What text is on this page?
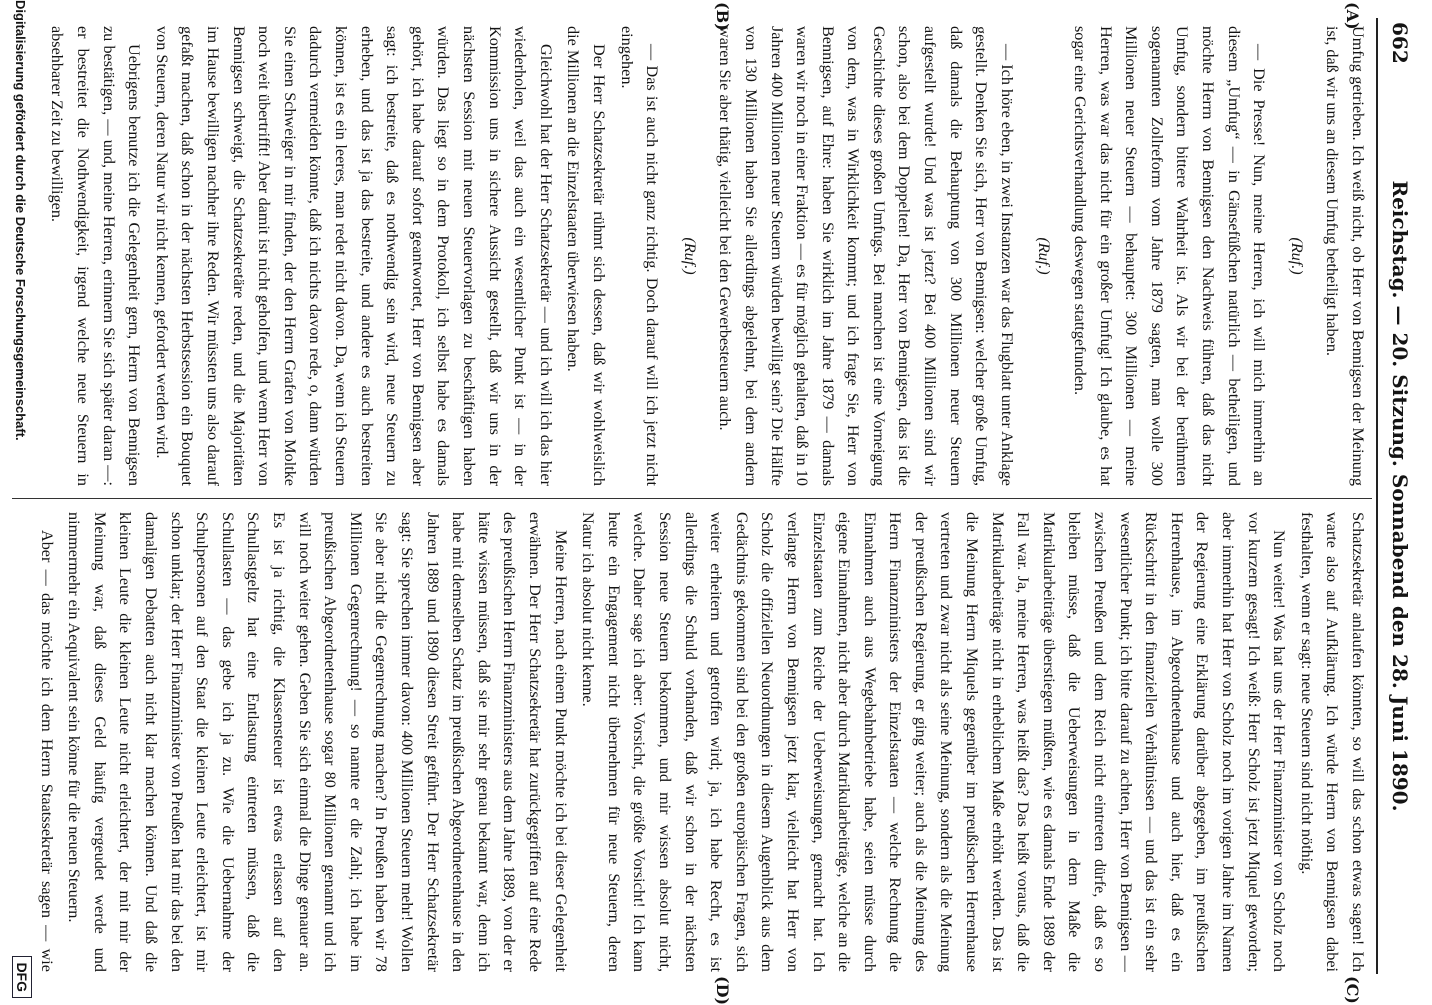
662
Reichstag. — 20. Sitzung. Sonnabend den 28. Juni 1890.
(A)
(B)
(C)
(D)

Umfug getrieben. Ich weiß nicht, ob Herr von Bennigsen der Meinung ist, daß wir uns an diesem Umfug betheiligt haben.

(Ruf.)

— Die Presse! Nun, meine Herren, ich will mich immerhin an diesem „Umfug“ — in Gänsefüßchen natürlich — betheiligen, und möchte Herrn von Bennigsen den Nachweis führen, daß das nicht Umfug, sondern bittere Wahrheit ist. Als wir bei der berühmten sogenannten Zollreform vom Jahre 1879 sagten, man wolle 300 Millionen neuer Steuern — behauptet: 300 Millionen — meine Herren, was war das nicht für ein großer Umfug! Ich glaube, es hat sogar eine Gerichtsverhandlung deswegen stattgefunden.

(Ruf.)

— Ich höre eben, in zwei Instanzen war das Flugblatt unter Anklage gestellt. Denken Sie sich, Herr von Bennigsen: welcher große Umfug, daß damals die Behauptung von 300 Millionen neuer Steuern aufgestellt wurde! Und was ist jetzt? Bei 400 Millionen sind wir schon, also bei dem Doppelten! Da, Herr von Bennigsen, das ist die Geschichte dieses großen Umfugs. Bei manchen ist eine Vorneigung von dem, was in Wirklichkeit kommt; und ich frage Sie, Herr von Bennigsen, auf Ehre: haben Sie wirklich im Jahre 1879 — damals waren wir noch in einer Fraktion — es für möglich gehalten, daß in 10 Jahren 400 Millionen neuer Steuern würden bewilligt sein? Die Hälfte von 130 Millionen haben Sie allerdings abgelehnt, bei dem andern waren Sie aber thätig, vielleicht bei den Gewerbesteuern auch.

(Ruf.)

— Das ist auch nicht ganz richtig. Doch darauf will ich jetzt nicht eingehen.

Der Herr Schatzsekretär rühmt sich dessen, daß wir wohlweislich die Millionen an die Einzelstaaten überwiesen haben.

Gleichwohl hat der Herr Schatzsekretär — und ich will ich das hier wiederholen, weil das auch ein wesentlicher Punkt ist — in der Kommission uns in sichere Aussicht gestellt, daß wir uns in der nächsten Session mit neuen Steuervorlagen zu beschäftigen haben würden. Das liegt so in dem Protokoll, ich selbst habe es damals gehört, ich habe darauf sofort geantwortet, Herr von Bennigsen aber sagt: ich bestreite, daß es nothwendig sein wird, neue Steuern zu erheben, und das ist ja das bestreite, und andere es auch bestreiten können, ist es ein leeres, man redet nicht davon. Da, wenn ich Steuern dadurch vermeiden könnte, daß ich nichts davon rede, o, dann würden Sie einen Schweiger in mir finden, der den Herrn Grafen von Moltke noch weit übertrifft! Aber damit ist nicht geholfen, und wenn Herr von Bennigsen schweigt, die Schatzsekretäre reden, und die Majoritäten im Hause bewilligen nachher ihre Reden. Wir müssten uns also darauf gefaßt machen, daß schon in der nächsten Herbstsession ein Bouquet von Steuern, deren Natur wir nicht kennen, gefordert werden wird.

Uebrigens benutze ich die Gelegenheit gern, Herrn von Bennigsen zu bestätigen, — und, meine Herren, erinnern Sie sich später daran —: er bestreitet die Nothwendigkeit, irgend welche neue Steuern in absehbarer Zeit zu bewilligen.

Schatzsekretär anlaufen könnten, so will das schon etwas sagen! Ich warte also auf Aufklärung. Ich würde Herrn von Bennigsen dabei festhalten, wenn er sagt: neue Steuern sind nicht nöthig.

Nun weiter! Was hat uns der Herr Finanzminister von Scholz noch vor kurzem gesagt! Ich weiß: Herr Scholz ist jetzt Miquel geworden; aber immerhin hat Herr von Scholz noch im vorigen Jahre im Namen der Regierung eine Erklärung darüber abgegeben, im preußischen Herrenhause, im Abgeordnetenhause und auch hier, daß es ein Rückschritt in den finanziellen Verhältnissen — und das ist ein sehr wesentlicher Punkt; ich bitte darauf zu achten, Herr von Bennigsen — zwischen Preußen und dem Reich nicht eintreten dürfe, daß es so bleiben müsse, daß die Ueberweisungen in dem Maße die Matrikularbeiträge überstiegen müßten, wie es damals Ende 1889 der Fall war. Ja, meine Herren, was heißt das? Das heißt voraus, daß die Matrikularbeiträge nicht in erheblichem Maße erhöht werden. Das ist die Meinung Herrn Miquels gegenüber im preußischen Herrenhause vertreten und zwar nicht als seine Meinung, sondern als die Meinung der preußischen Regierung, er ging weiter; auch als die Meinung des Herrn Finanzministers der Einzelstaaten — welche Rechnung die Einnahmen auch aus Wegebahnbetriebe habe, seien müsse durch eigene Einnahmen, nicht aber durch Matrikularbeiträge, welche an die Einzelstaaten zum Reiche der Ueberweisungen, gemacht hat. Ich verlange Herrn von Bennigsen jetzt klar, vielleicht hat Herr von Scholz die offiziellen Neuordnungen in diesem Augenblick aus dem Gedächtnis gekommen sind bei den großen europäischen Fragen, sich weiter erheitern und getroffen wird; ja, ich habe Recht, es ist allerdings die Schuld vorhanden, daß wir schon in der nächsten Session neue Steuern bekommen, und mir wissen absolut nicht, welche. Daher sage ich aber: Vorsicht, die größte Vorsicht! Ich kann heute ein Engagement nicht übernehmen für neue Steuern, deren Natur ich absolut nicht kenne.

Meine Herren, nach einem Punkt möchte ich bei dieser Gelegenheit erwähnen. Der Herr Schatzsekretär hat zurückgegriffen auf eine Rede des preußischen Herrn Finanzministers aus dem Jahre 1889, von der er hätte wissen müssen, daß sie mir sehr genau bekannt war, denn ich habe mit demselben Schatz im preußischen Abgeordnetenhause in den Jahren 1889 und 1890 diesen Streit geführt. Der Herr Schatzsekretär sagt: Sie sprechen immer davon: 400 Millionen Steuern mehr! Wollen Sie aber nicht die Gegenrechnung machen? In Preußen haben wir 78 Millionen Gegenrechnung! — so nannte er die Zahl; ich habe im preußischen Abgeordnetenhause sogar 80 Millionen genannt und ich will noch weiter gehen. Geben Sie sich einmal die Dinge genauer an. Es ist ja richtig, die Klassensteuer ist etwas erlassen auf den Schullastgeltz hat eine Entlastung eintreten müssen, daß die Schullasten — das gebe ich ja zu. Wie die Uebernahme der Schulpersonen auf den Staat die kleinen Leute erleichtert, ist mir schon unklar; der Herr Finanzminister von Preußen hat mir das bei den damaligen Debatten auch nicht klar machen können. Und daß die kleinen Leute die kleinen Leute nicht erleichtert, der mit mir der Meinung war, daß dieses Geld häufig vergeudet werde und nimmermehr ein Aequivalent sein könne für die neuen Steuern.

Aber — das möchte ich dem Herrn Staatssekretär sagen — wie

Digitalisierung gefördert durch die Deutsche Forschungsgemeinschaft.
DFG
